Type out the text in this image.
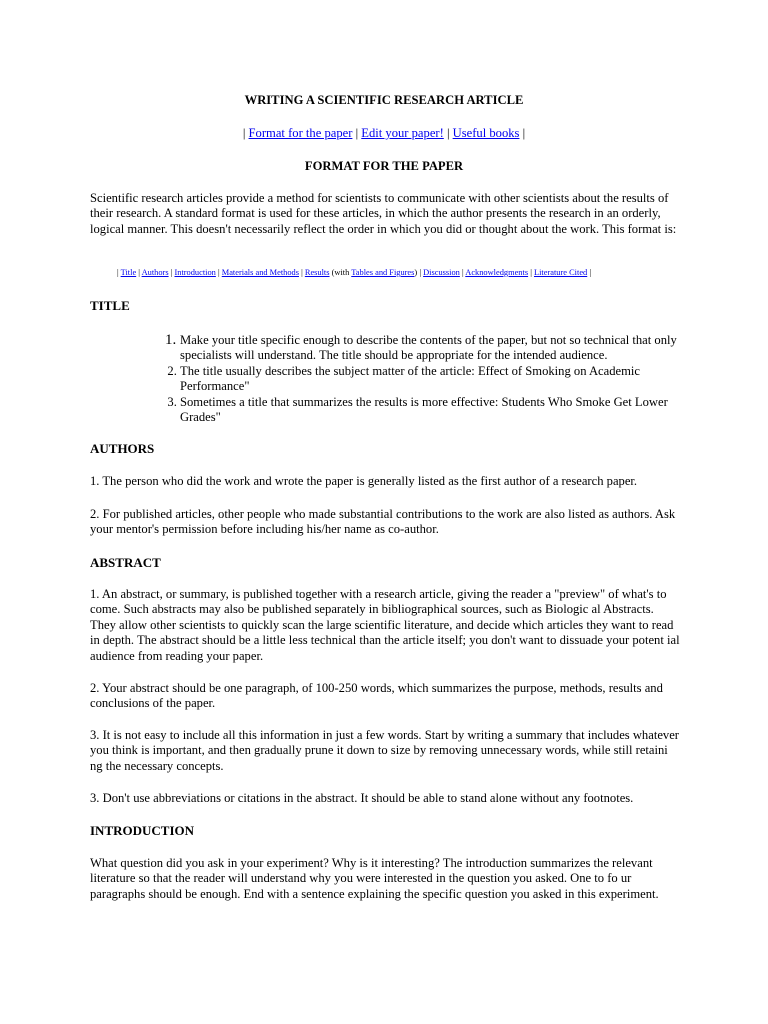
WRITING A SCIENTIFIC RESEARCH ARTICLE
| Format for the paper | Edit your paper! | Useful books |
FORMAT FOR THE PAPER

Scientific research articles provide a method for scientists to communicate with other scientists about the results of their research. A standard format is used for these articles, in which the author presents the research in an orderly, logical manner. This doesn't necessarily reflect the order in which you did or thought about the work. This format is:

| Title | Authors | Introduction | Materials and Methods | Results (with Tables and Figures) | Discussion | Acknowledgments | Literature Cited |
TITLE
1. Make your title specific enough to describe the contents of the paper, but not so technical that only specialists will understand. The title should be appropriate for the intended audience.
2. The title usually describes the subject matter of the article: Effect of Smoking on Academic Performance"
3. Sometimes a title that summarizes the results is more effective: Students Who Smoke Get Lower Grades"
AUTHORS

1. The person who did the work and wrote the paper is generally listed as the first author of a research paper.

2. For published articles, other people who made substantial contributions to the work are also listed as authors. Ask your mentor's permission before including his/her name as co-author.

ABSTRACT

1. An abstract, or summary, is published together with a research article, giving the reader a "preview" of what's to come. Such abstracts may also be published separately in bibliographical sources, such as Biologic al Abstracts. They allow other scientists to quickly scan the large scientific literature, and decide which articles they want to read in depth. The abstract should be a little less technical than the article itself; you don't want to dissuade your potent ial audience from reading your paper.

2. Your abstract should be one paragraph, of 100-250 words, which summarizes the purpose, methods, results and conclusions of the paper.

3. It is not easy to include all this information in just a few words. Start by writing a summary that includes whatever you think is important, and then gradually prune it down to size by removing unnecessary words, while still retaini ng the necessary concepts.

3. Don't use abbreviations or citations in the abstract. It should be able to stand alone without any footnotes.

INTRODUCTION

What question did you ask in your experiment? Why is it interesting? The introduction summarizes the relevant literature so that the reader will understand why you were interested in the question you asked. One to fo ur paragraphs should be enough. End with a sentence explaining the specific question you asked in this experiment.
